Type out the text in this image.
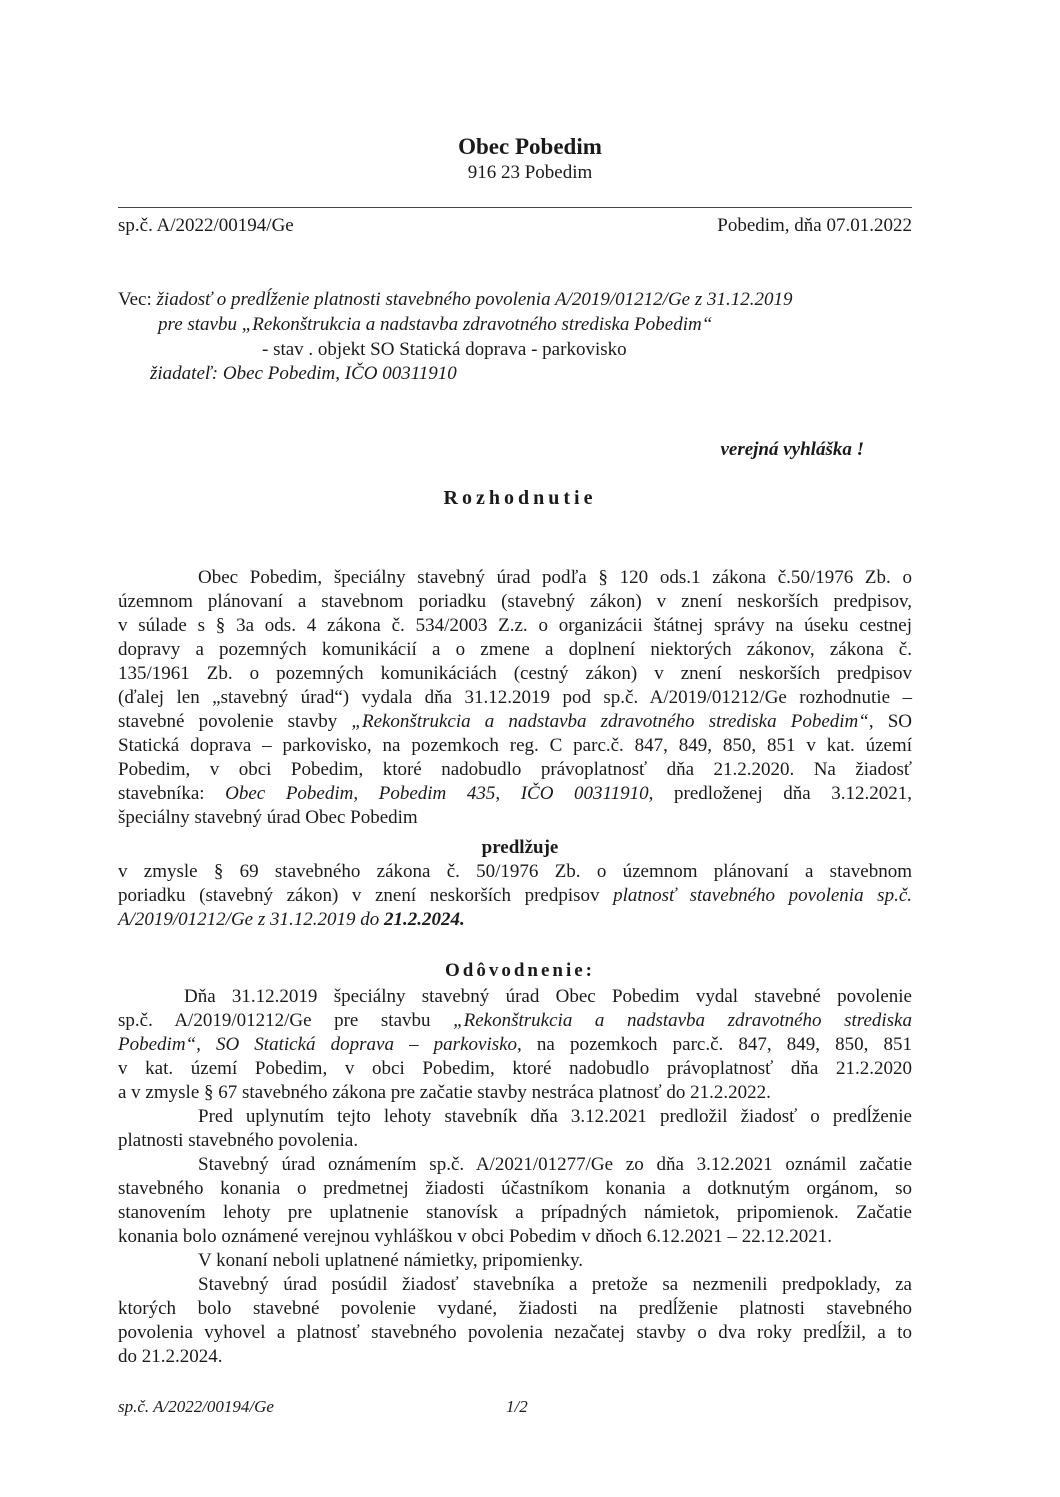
Obec Pobedim
916 23 Pobedim
sp.č. A/2022/00194/Ge	Pobedim, dňa 07.01.2022
Vec: žiadosť o predĺženie platnosti stavebného povolenia A/2019/01212/Ge z 31.12.2019
pre stavbu „Rekonštrukcia a nadstavba zdravotného strediska Pobedim“
- stav . objekt SO Statická doprava - parkovisko
žiadateľ: Obec Pobedim, IČO 00311910
verejná vyhláška !
Rozhodnutie
Obec Pobedim, špeciálny stavebný úrad podľa § 120 ods.1 zákona č.50/1976 Zb. o
územnom plánovaní a stavebnom poriadku (stavebný zákon) v znení neskorších predpisov,
v súlade s § 3a ods. 4 zákona č. 534/2003 Z.z. o organizácii štátnej správy na úseku cestnej
dopravy a pozemných komunikácií a o zmene a doplnení niektorých zákonov, zákona č.
135/1961 Zb. o pozemných komunikáciách (cestný zákon) v znení neskorších predpisov
(ďalej len „stavebný úrad“) vydala dňa 31.12.2019 pod sp.č. A/2019/01212/Ge rozhodnutie –
stavebné povolenie stavby „Rekonštrukcia a nadstavba zdravotného strediska Pobedim“, SO
Statická doprava – parkovisko, na pozemkoch reg. C parc.č. 847, 849, 850, 851 v kat. území
Pobedim, v obci Pobedim, ktoré nadobudlo právoplatnosť dňa 21.2.2020. Na žiadosť
stavebníka: Obec Pobedim, Pobedim 435, IČO 00311910, predloženej dňa 3.12.2021,
špeciálny stavebný úrad Obec Pobedim
predlžuje
v zmysle § 69 stavebného zákona č. 50/1976 Zb. o územnom plánovaní a stavebnom
poriadku (stavebný zákon) v znení neskorších predpisov platnosť stavebného povolenia sp.č.
A/2019/01212/Ge z 31.12.2019 do 21.2.2024.
Odôvodnenie:
Dňa 31.12.2019 špeciálny stavebný úrad Obec Pobedim vydal stavebné povolenie
sp.č. A/2019/01212/Ge pre stavbu „Rekonštrukcia a nadstavba zdravotného strediska
Pobedim“, SO Statická doprava – parkovisko, na pozemkoch parc.č. 847, 849, 850, 851
v kat. území Pobedim, v obci Pobedim, ktoré nadobudlo právoplatnosť dňa 21.2.2020
a v zmysle § 67 stavebného zákona pre začatie stavby nestráca platnosť do 21.2.2022.
Pred uplynutím tejto lehoty stavebník dňa 3.12.2021 predložil žiadosť o predĺženie
platnosti stavebného povolenia.
Stavebný úrad oznámením sp.č. A/2021/01277/Ge zo dňa 3.12.2021 oznámil začatie
stavebného konania o predmetnej žiadosti účastníkom konania a dotknutým orgánom, so
stanovením lehoty pre uplatnenie stanovísk a prípadných námietok, pripomienok. Začatie
konania bolo oznámené verejnou vyhláškou v obci Pobedim v dňoch 6.12.2021 – 22.12.2021.
V konaní neboli uplatnené námietky, pripomienky.
Stavebný úrad posúdil žiadosť stavebníka a pretože sa nezmenili predpoklady, za
ktorých bolo stavebné povolenie vydané, žiadosti na predĺženie platnosti stavebného
povolenia vyhovel a platnosť stavebného povolenia nezačatej stavby o dva roky predĺžil, a to
do 21.2.2024.
sp.č. A/2022/00194/Ge	1/2
